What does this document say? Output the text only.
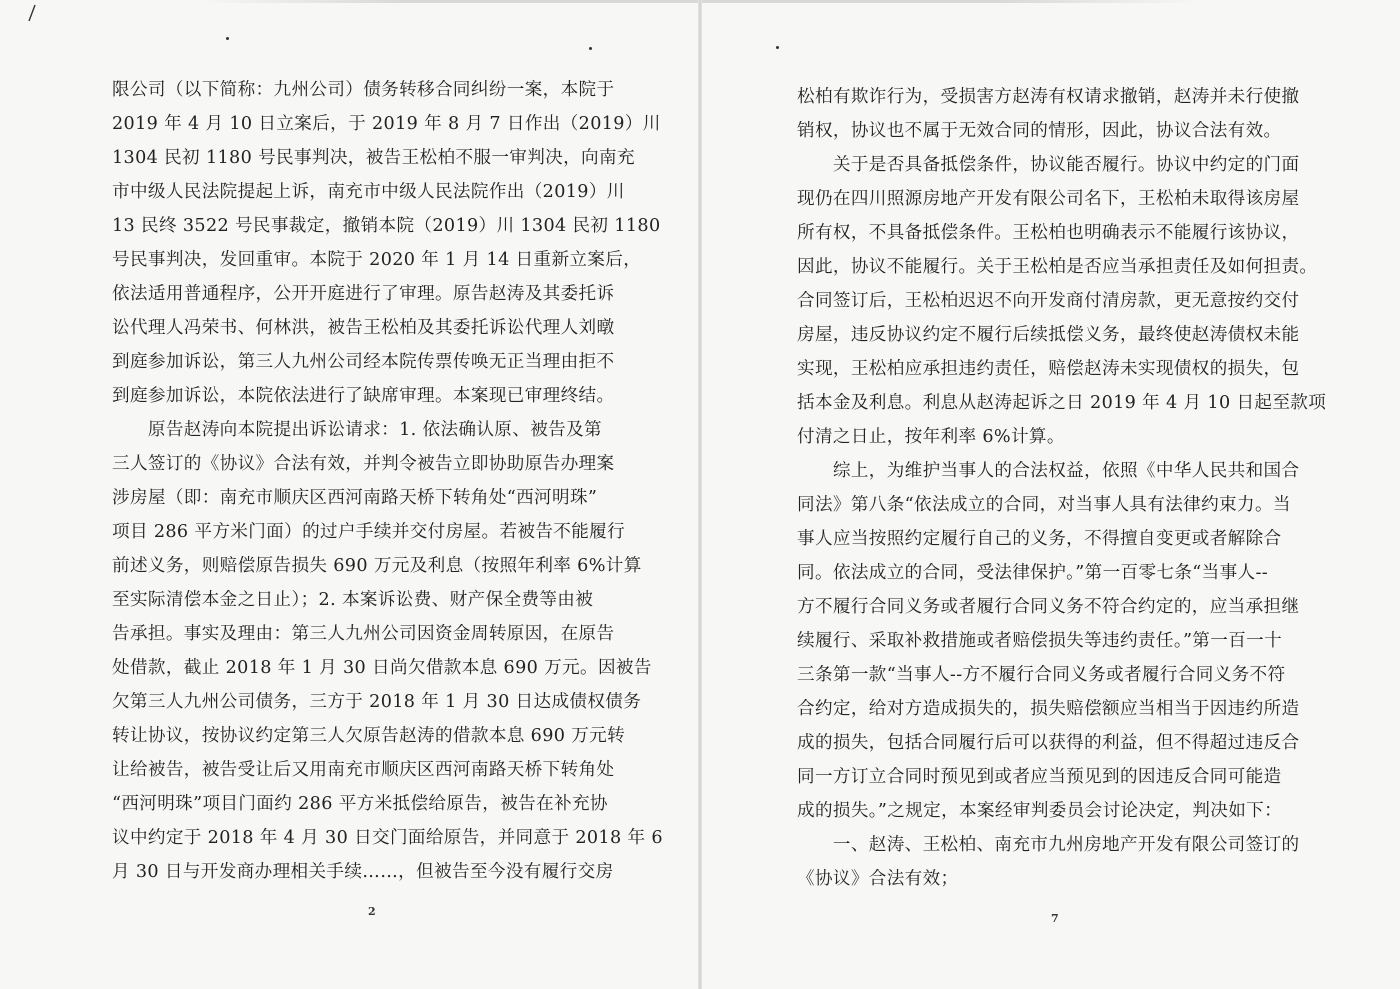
限公司（以下简称：九州公司）债务转移合同纠纷一案，本院于
2019 年 4 月 10 日立案后，于 2019 年 8 月 7 日作出（2019）川
1304 民初 1180 号民事判决，被告王松柏不服一审判决，向南充
市中级人民法院提起上诉，南充市中级人民法院作出（2019）川
13 民终 3522 号民事裁定，撤销本院（2019）川 1304 民初 1180
号民事判决，发回重审。本院于 2020 年 1 月 14 日重新立案后，
依法适用普通程序，公开开庭进行了审理。原告赵涛及其委托诉
讼代理人冯荣书、何林洪，被告王松柏及其委托诉讼代理人刘暾
到庭参加诉讼，第三人九州公司经本院传票传唤无正当理由拒不
到庭参加诉讼，本院依法进行了缺席审理。本案现已审理终结。
　　原告赵涛向本院提出诉讼请求：1. 依法确认原、被告及第
三人签订的《协议》合法有效，并判令被告立即协助原告办理案
涉房屋（即：南充市顺庆区西河南路天桥下转角处“西河明珠”
项目 286 平方米门面）的过户手续并交付房屋。若被告不能履行
前述义务，则赔偿原告损失 690 万元及利息（按照年利率 6%计算
至实际清偿本金之日止）；2. 本案诉讼费、财产保全费等由被
告承担。事实及理由：第三人九州公司因资金周转原因，在原告
处借款，截止 2018 年 1 月 30 日尚欠借款本息 690 万元。因被告
欠第三人九州公司债务，三方于 2018 年 1 月 30 日达成债权债务
转让协议，按协议约定第三人欠原告赵涛的借款本息 690 万元转
让给被告，被告受让后又用南充市顺庆区西河南路天桥下转角处
“西河明珠”项目门面约 286 平方米抵偿给原告，被告在补充协
议中约定于 2018 年 4 月 30 日交门面给原告，并同意于 2018 年 6
月 30 日与开发商办理相关手续……，但被告至今没有履行交房
2
松柏有欺诈行为，受损害方赵涛有权请求撤销，赵涛并未行使撤
销权，协议也不属于无效合同的情形，因此，协议合法有效。
　　关于是否具备抵偿条件，协议能否履行。协议中约定的门面
现仍在四川照源房地产开发有限公司名下，王松柏未取得该房屋
所有权，不具备抵偿条件。王松柏也明确表示不能履行该协议，
因此，协议不能履行。关于王松柏是否应当承担责任及如何担责。
合同签订后，王松柏迟迟不向开发商付清房款，更无意按约交付
房屋，违反协议约定不履行后续抵偿义务，最终使赵涛债权未能
实现，王松柏应承担违约责任，赔偿赵涛未实现债权的损失，包
括本金及利息。利息从赵涛起诉之日 2019 年 4 月 10 日起至款项
付清之日止，按年利率 6%计算。
　　综上，为维护当事人的合法权益，依照《中华人民共和国合
同法》第八条“依法成立的合同，对当事人具有法律约束力。当
事人应当按照约定履行自己的义务，不得擅自变更或者解除合
同。依法成立的合同，受法律保护。”第一百零七条“当事人--
方不履行合同义务或者履行合同义务不符合约定的，应当承担继
续履行、采取补救措施或者赔偿损失等违约责任。”第一百一十
三条第一款“当事人--方不履行合同义务或者履行合同义务不符
合约定，给对方造成损失的，损失赔偿额应当相当于因违约所造
成的损失，包括合同履行后可以获得的利益，但不得超过违反合
同一方订立合同时预见到或者应当预见到的因违反合同可能造
成的损失。”之规定，本案经审判委员会讨论决定，判决如下：
　　一、赵涛、王松柏、南充市九州房地产开发有限公司签订的
《协议》合法有效；
7
